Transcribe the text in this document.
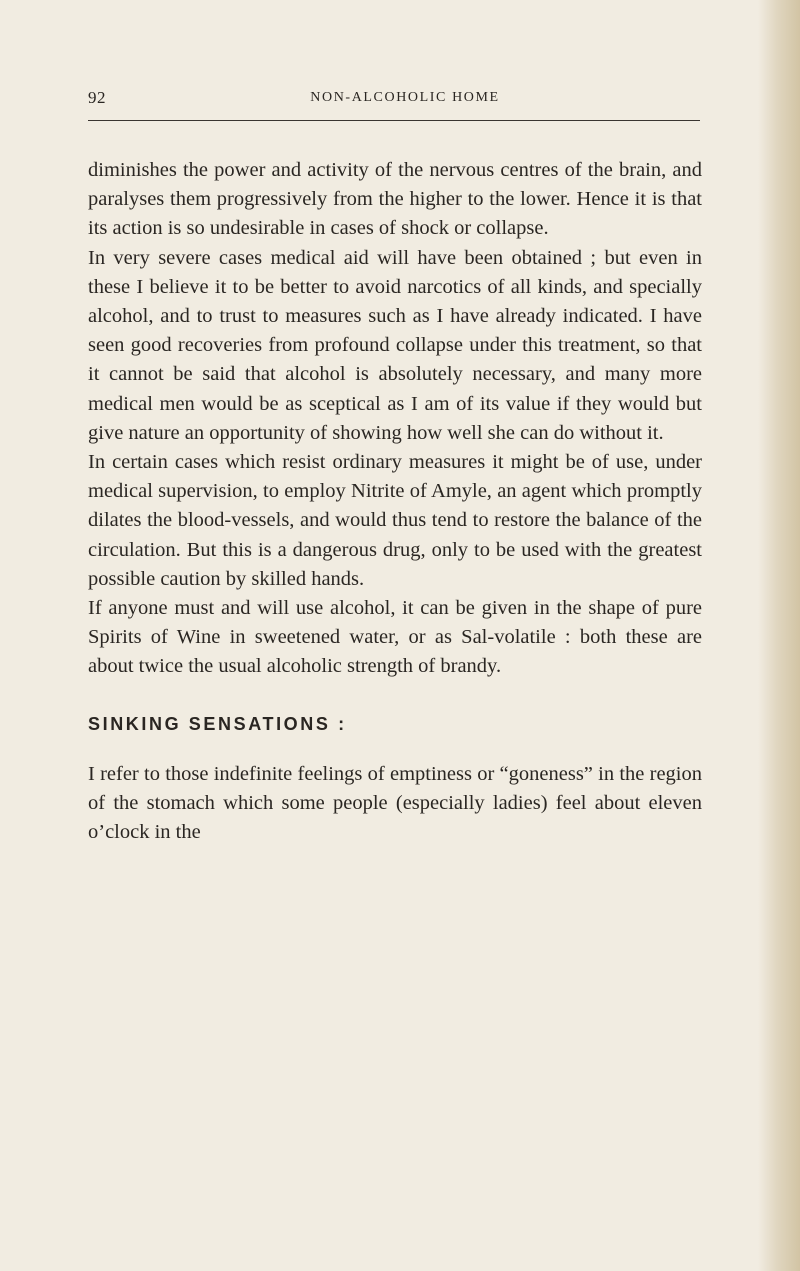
92	NON-ALCOHOLIC HOME

diminishes the power and activity of the nervous centres of the brain, and paralyses them progressively from the higher to the lower. Hence it is that its action is so undesirable in cases of shock or collapse.

In very severe cases medical aid will have been obtained ; but even in these I believe it to be better to avoid narcotics of all kinds, and specially alcohol, and to trust to measures such as I have already indicated. I have seen good recoveries from profound collapse under this treatment, so that it cannot be said that alcohol is absolutely necessary, and many more medical men would be as sceptical as I am of its value if they would but give nature an opportunity of showing how well she can do without it.

In certain cases which resist ordinary measures it might be of use, under medical supervision, to employ Nitrite of Amyle, an agent which promptly dilates the blood-vessels, and would thus tend to restore the balance of the circulation. But this is a dangerous drug, only to be used with the greatest possible caution by skilled hands.

If anyone must and will use alcohol, it can be given in the shape of pure Spirits of Wine in sweetened water, or as Sal-volatile : both these are about twice the usual alcoholic strength of brandy.

SINKING SENSATIONS :

I refer to those indefinite feelings of emptiness or “goneness” in the region of the stomach which some people (especially ladies) feel about eleven o’clock in the
